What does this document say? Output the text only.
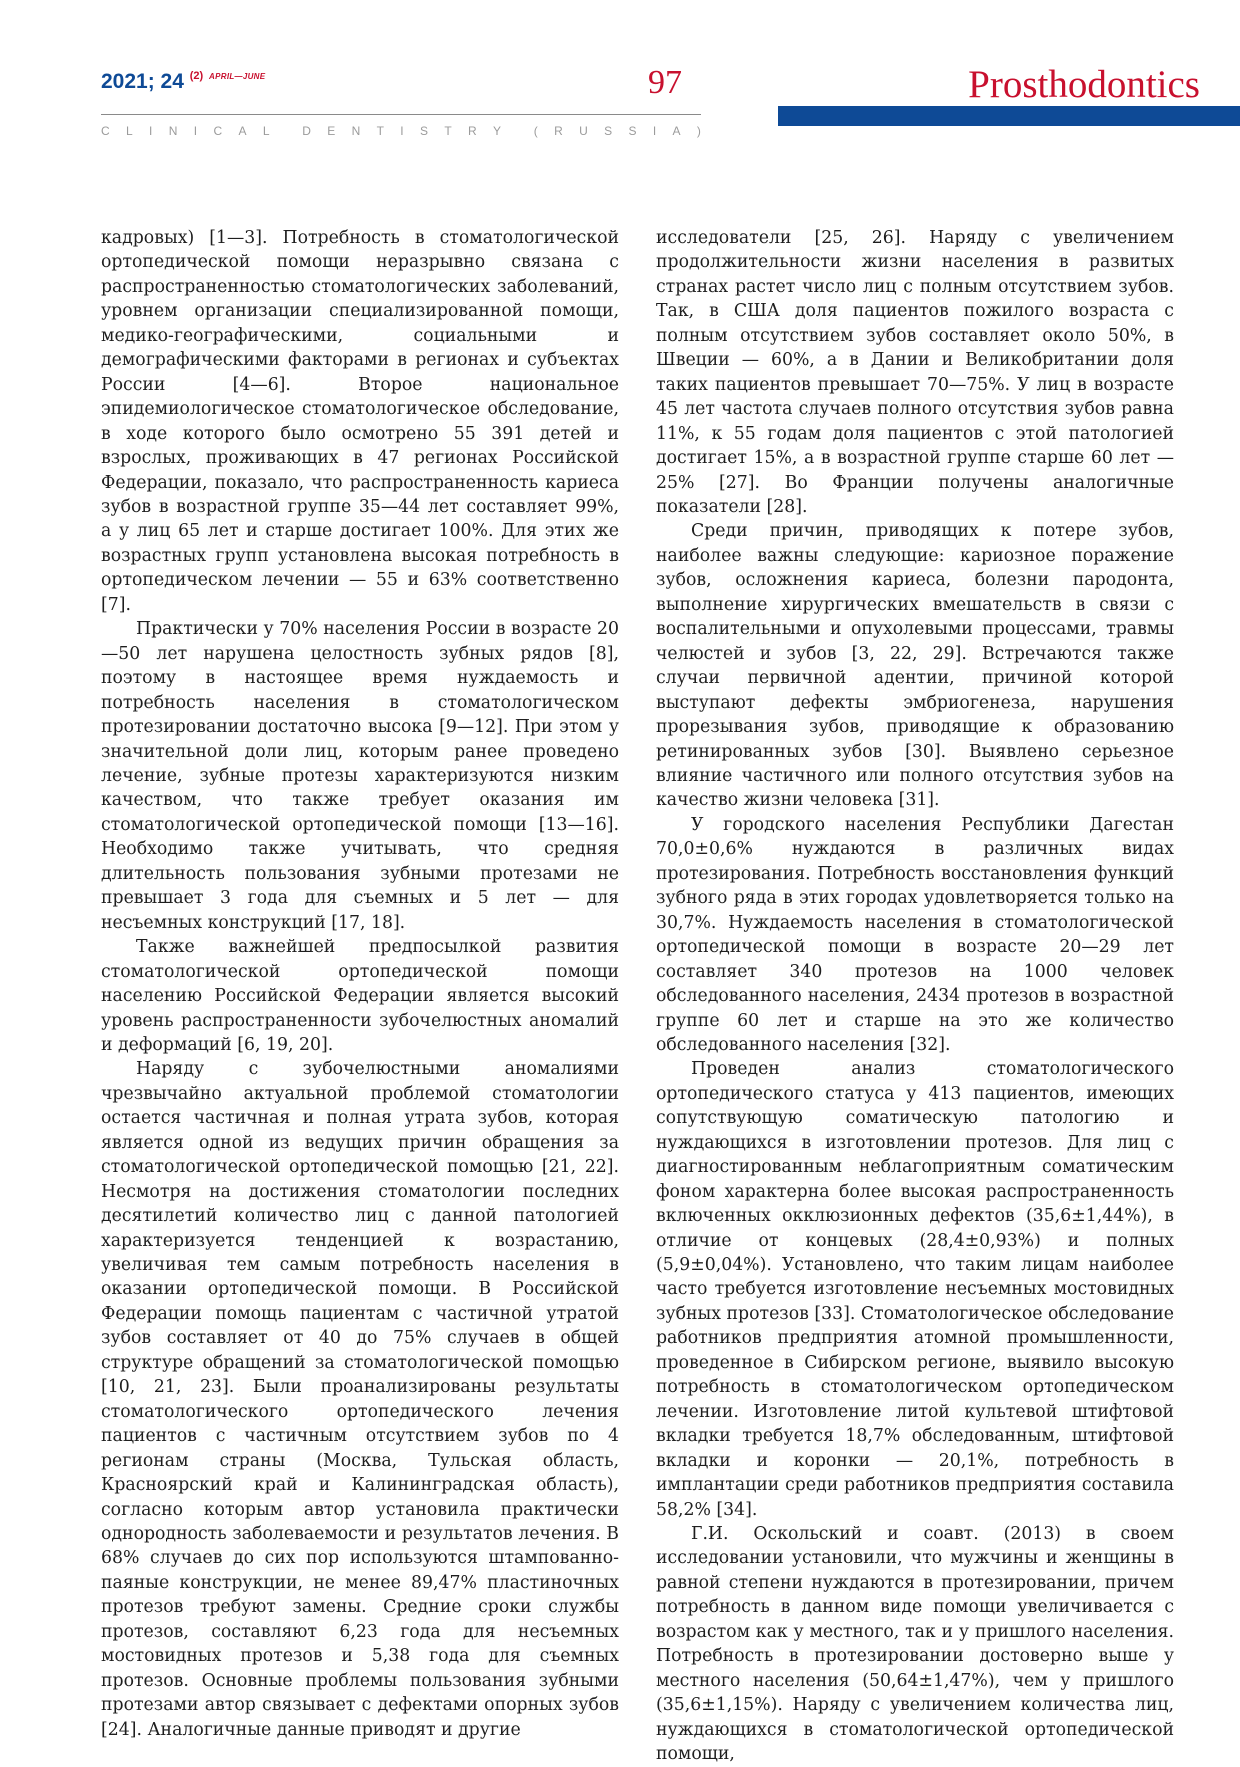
2021; 24 $^{(2)}$ $^{APRIL—JUNE}$	97
C L I N I C A L	D E N T I S T R Y	( R U S S I A )
Prosthodontics

кадровых) [1—3]. Потребность в стоматологической ортопедической помощи неразрывно связана с распространенностью стоматологических заболеваний, уровнем организации специализированной помощи, медико-географическими, социальными и демографическими факторами в регионах и субъектах России [4—6]. Второе национальное эпидемиологическое стоматологическое обследование, в ходе которого было осмотрено 55 391 детей и взрослых, проживающих в 47 регионах Российской Федерации, показало, что распространенность кариеса зубов в возрастной группе 35—44 лет составляет 99%, а у лиц 65 лет и старше достигает 100%. Для этих же возрастных групп установлена высокая потребность в ортопедическом лечении — 55 и 63% соответственно [7].

Практически у 70% населения России в возрасте 20—50 лет нарушена целостность зубных рядов [8], поэтому в настоящее время нуждаемость и потребность населения в стоматологическом протезировании достаточно высока [9—12]. При этом у значительной доли лиц, которым ранее проведено лечение, зубные протезы характеризуются низким качеством, что также требует оказания им стоматологической ортопедической помощи [13—16]. Необходимо также учитывать, что средняя длительность пользования зубными протезами не превышает 3 года для съемных и 5 лет — для несъемных конструкций [17, 18].

Также важнейшей предпосылкой развития стоматологической ортопедической помощи населению Российской Федерации является высокий уровень распространенности зубочелюстных аномалий и деформаций [6, 19, 20].

Наряду с зубочелюстными аномалиями чрезвычайно актуальной проблемой стоматологии остается частичная и полная утрата зубов, которая является одной из ведущих причин обращения за стоматологической ортопедической помощью [21, 22]. Несмотря на достижения стоматологии последних десятилетий количество лиц с данной патологией характеризуется тенденцией к возрастанию, увеличивая тем самым потребность населения в оказании ортопедической помощи. В Российской Федерации помощь пациентам с частичной утратой зубов составляет от 40 до 75% случаев в общей структуре обращений за стоматологической помощью [10, 21, 23]. Были проанализированы результаты стоматологического ортопедического лечения пациентов с частичным отсутствием зубов по 4 регионам страны (Москва, Тульская область, Красноярский край и Калининградская область), согласно которым автор установила практически однородность заболеваемости и результатов лечения. В 68% случаев до сих пор используются штампованно-паяные конструкции, не менее 89,47% пластиночных протезов требуют замены. Средние сроки службы протезов, составляют 6,23 года для несъемных мостовидных протезов и 5,38 года для съемных протезов. Основные проблемы пользования зубными протезами автор связывает с дефектами опорных зубов [24]. Аналогичные данные приводят и другие

исследователи [25, 26]. Наряду с увеличением продолжительности жизни населения в развитых странах растет число лиц с полным отсутствием зубов. Так, в США доля пациентов пожилого возраста с полным отсутствием зубов составляет около 50%, в Швеции — 60%, а в Дании и Великобритании доля таких пациентов превышает 70—75%. У лиц в возрасте 45 лет частота случаев полного отсутствия зубов равна 11%, к 55 годам доля пациентов с этой патологией достигает 15%, а в возрастной группе старше 60 лет — 25% [27]. Во Франции получены аналогичные показатели [28].

Среди причин, приводящих к потере зубов, наиболее важны следующие: кариозное поражение зубов, осложнения кариеса, болезни пародонта, выполнение хирургических вмешательств в связи с воспалительными и опухолевыми процессами, травмы челюстей и зубов [3, 22, 29]. Встречаются также случаи первичной адентии, причиной которой выступают дефекты эмбриогенеза, нарушения прорезывания зубов, приводящие к образованию ретинированных зубов [30]. Выявлено серьезное влияние частичного или полного отсутствия зубов на качество жизни человека [31].

У городского населения Республики Дагестан 70,0±0,6% нуждаются в различных видах протезирования. Потребность восстановления функций зубного ряда в этих городах удовлетворяется только на 30,7%. Нуждаемость населения в стоматологической ортопедической помощи в возрасте 20—29 лет составляет 340 протезов на 1000 человек обследованного населения, 2434 протезов в возрастной группе 60 лет и старше на это же количество обследованного населения [32].

Проведен анализ стоматологического ортопедического статуса у 413 пациентов, имеющих сопутствующую соматическую патологию и нуждающихся в изготовлении протезов. Для лиц с диагностированным неблагоприятным соматическим фоном характерна более высокая распространенность включенных окклюзионных дефектов (35,6±1,44%), в отличие от концевых (28,4±0,93%) и полных (5,9±0,04%). Установлено, что таким лицам наиболее часто требуется изготовление несъемных мостовидных зубных протезов [33]. Стоматологическое обследование работников предприятия атомной промышленности, проведенное в Сибирском регионе, выявило высокую потребность в стоматологическом ортопедическом лечении. Изготовление литой культевой штифтовой вкладки требуется 18,7% обследованным, штифтовой вкладки и коронки — 20,1%, потребность в имплантации среди работников предприятия составила 58,2% [34].

Г.И. Оскольский и соавт. (2013) в своем исследовании установили, что мужчины и женщины в равной степени нуждаются в протезировании, причем потребность в данном виде помощи увеличивается с возрастом как у местного, так и у пришлого населения. Потребность в протезировании достоверно выше у местного населения (50,64±1,47%), чем у пришлого (35,6±1,15%). Наряду с увеличением количества лиц, нуждающихся в стоматологической ортопедической помощи,
